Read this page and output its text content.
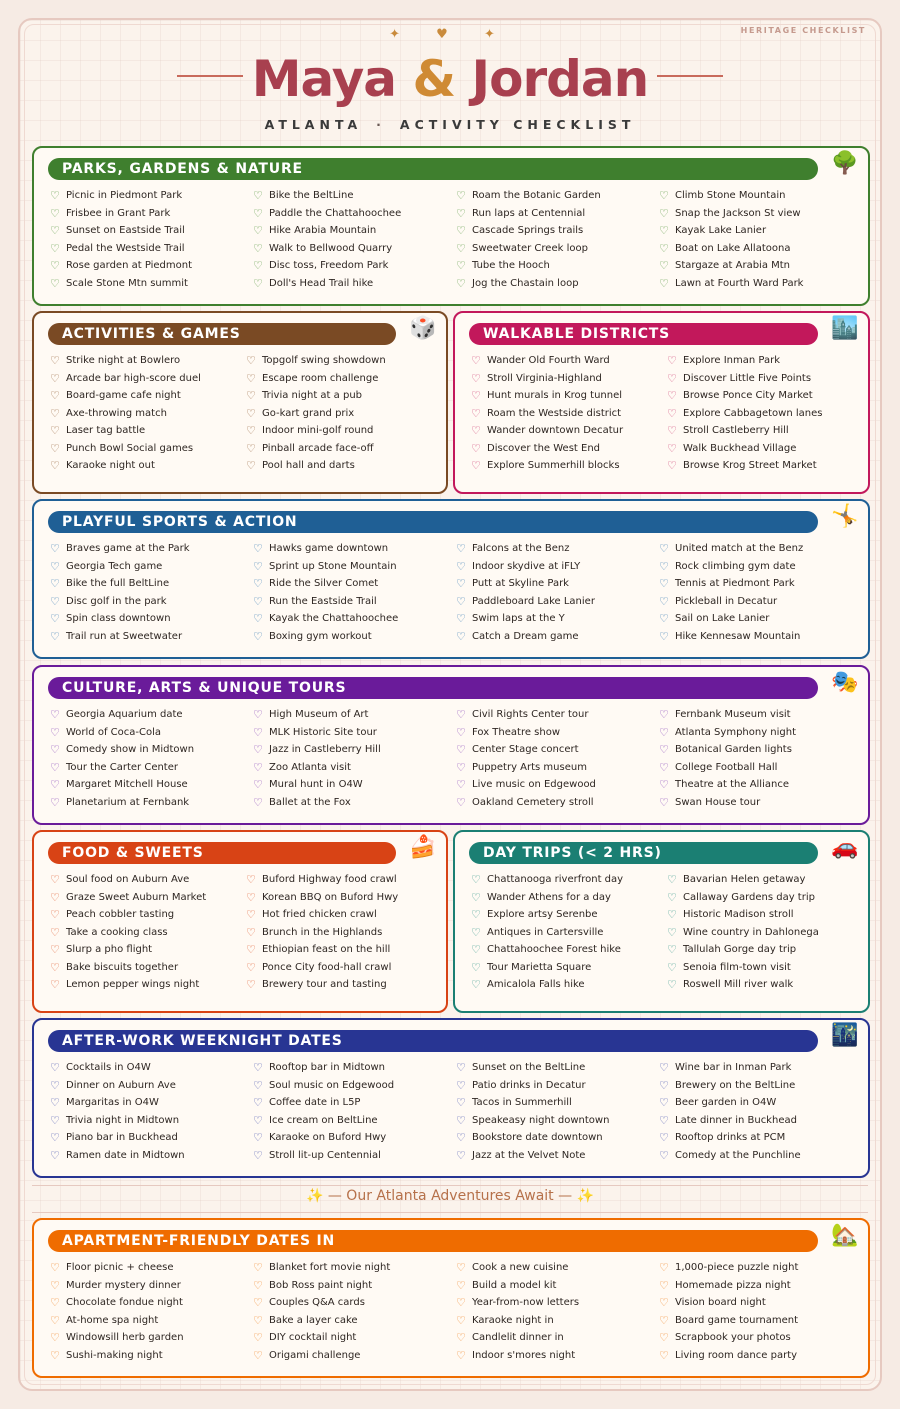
HERITAGE CHECKLIST
✦ ♥ ✦
Maya & Jordan
ATLANTA · ACTIVITY CHECKLIST
PARKS, GARDENS & NATURE	🌳
♡ Picnic in Piedmont Park
♡ Frisbee in Grant Park
♡ Sunset on Eastside Trail
♡ Pedal the Westside Trail
♡ Rose garden at Piedmont
♡ Scale Stone Mtn summit
♡ Bike the BeltLine
♡ Paddle the Chattahoochee
♡ Hike Arabia Mountain
♡ Walk to Bellwood Quarry
♡ Disc toss, Freedom Park
♡ Doll's Head Trail hike
♡ Roam the Botanic Garden
♡ Run laps at Centennial
♡ Cascade Springs trails
♡ Sweetwater Creek loop
♡ Tube the Hooch
♡ Jog the Chastain loop
♡ Climb Stone Mountain
♡ Snap the Jackson St view
♡ Kayak Lake Lanier
♡ Boat on Lake Allatoona
♡ Stargaze at Arabia Mtn
♡ Lawn at Fourth Ward Park
ACTIVITIES & GAMES	🎲
♡ Strike night at Bowlero
♡ Arcade bar high-score duel
♡ Board-game cafe night
♡ Axe-throwing match
♡ Laser tag battle
♡ Punch Bowl Social games
♡ Karaoke night out
♡ Topgolf swing showdown
♡ Escape room challenge
♡ Trivia night at a pub
♡ Go-kart grand prix
♡ Indoor mini-golf round
♡ Pinball arcade face-off
♡ Pool hall and darts
WALKABLE DISTRICTS	🏙️
♡ Wander Old Fourth Ward
♡ Stroll Virginia-Highland
♡ Hunt murals in Krog tunnel
♡ Roam the Westside district
♡ Wander downtown Decatur
♡ Discover the West End
♡ Explore Summerhill blocks
♡ Explore Inman Park
♡ Discover Little Five Points
♡ Browse Ponce City Market
♡ Explore Cabbagetown lanes
♡ Stroll Castleberry Hill
♡ Walk Buckhead Village
♡ Browse Krog Street Market
PLAYFUL SPORTS & ACTION	🤸
♡ Braves game at the Park
♡ Georgia Tech game
♡ Bike the full BeltLine
♡ Disc golf in the park
♡ Spin class downtown
♡ Trail run at Sweetwater
♡ Hawks game downtown
♡ Sprint up Stone Mountain
♡ Ride the Silver Comet
♡ Run the Eastside Trail
♡ Kayak the Chattahoochee
♡ Boxing gym workout
♡ Falcons at the Benz
♡ Indoor skydive at iFLY
♡ Putt at Skyline Park
♡ Paddleboard Lake Lanier
♡ Swim laps at the Y
♡ Catch a Dream game
♡ United match at the Benz
♡ Rock climbing gym date
♡ Tennis at Piedmont Park
♡ Pickleball in Decatur
♡ Sail on Lake Lanier
♡ Hike Kennesaw Mountain
CULTURE, ARTS & UNIQUE TOURS	🎭
♡ Georgia Aquarium date
♡ World of Coca-Cola
♡ Comedy show in Midtown
♡ Tour the Carter Center
♡ Margaret Mitchell House
♡ Planetarium at Fernbank
♡ High Museum of Art
♡ MLK Historic Site tour
♡ Jazz in Castleberry Hill
♡ Zoo Atlanta visit
♡ Mural hunt in O4W
♡ Ballet at the Fox
♡ Civil Rights Center tour
♡ Fox Theatre show
♡ Center Stage concert
♡ Puppetry Arts museum
♡ Live music on Edgewood
♡ Oakland Cemetery stroll
♡ Fernbank Museum visit
♡ Atlanta Symphony night
♡ Botanical Garden lights
♡ College Football Hall
♡ Theatre at the Alliance
♡ Swan House tour
FOOD & SWEETS	🍰
♡ Soul food on Auburn Ave
♡ Graze Sweet Auburn Market
♡ Peach cobbler tasting
♡ Take a cooking class
♡ Slurp a pho flight
♡ Bake biscuits together
♡ Lemon pepper wings night
♡ Buford Highway food crawl
♡ Korean BBQ on Buford Hwy
♡ Hot fried chicken crawl
♡ Brunch in the Highlands
♡ Ethiopian feast on the hill
♡ Ponce City food-hall crawl
♡ Brewery tour and tasting
DAY TRIPS (< 2 HRS)	🚗
♡ Chattanooga riverfront day
♡ Wander Athens for a day
♡ Explore artsy Serenbe
♡ Antiques in Cartersville
♡ Chattahoochee Forest hike
♡ Tour Marietta Square
♡ Amicalola Falls hike
♡ Bavarian Helen getaway
♡ Callaway Gardens day trip
♡ Historic Madison stroll
♡ Wine country in Dahlonega
♡ Tallulah Gorge day trip
♡ Senoia film-town visit
♡ Roswell Mill river walk
AFTER-WORK WEEKNIGHT DATES	🌃
♡ Cocktails in O4W
♡ Dinner on Auburn Ave
♡ Margaritas in O4W
♡ Trivia night in Midtown
♡ Piano bar in Buckhead
♡ Ramen date in Midtown
♡ Rooftop bar in Midtown
♡ Soul music on Edgewood
♡ Coffee date in L5P
♡ Ice cream on BeltLine
♡ Karaoke on Buford Hwy
♡ Stroll lit-up Centennial
♡ Sunset on the BeltLine
♡ Patio drinks in Decatur
♡ Tacos in Summerhill
♡ Speakeasy night downtown
♡ Bookstore date downtown
♡ Jazz at the Velvet Note
♡ Wine bar in Inman Park
♡ Brewery on the BeltLine
♡ Beer garden in O4W
♡ Late dinner in Buckhead
♡ Rooftop drinks at PCM
♡ Comedy at the Punchline
✨ — Our Atlanta Adventures Await — ✨
APARTMENT-FRIENDLY DATES IN	🏡
♡ Floor picnic + cheese
♡ Murder mystery dinner
♡ Chocolate fondue night
♡ At-home spa night
♡ Windowsill herb garden
♡ Sushi-making night
♡ Blanket fort movie night
♡ Bob Ross paint night
♡ Couples Q&A cards
♡ Bake a layer cake
♡ DIY cocktail night
♡ Origami challenge
♡ Cook a new cuisine
♡ Build a model kit
♡ Year-from-now letters
♡ Karaoke night in
♡ Candlelit dinner in
♡ Indoor s'mores night
♡ 1,000-piece puzzle night
♡ Homemade pizza night
♡ Vision board night
♡ Board game tournament
♡ Scrapbook your photos
♡ Living room dance party
